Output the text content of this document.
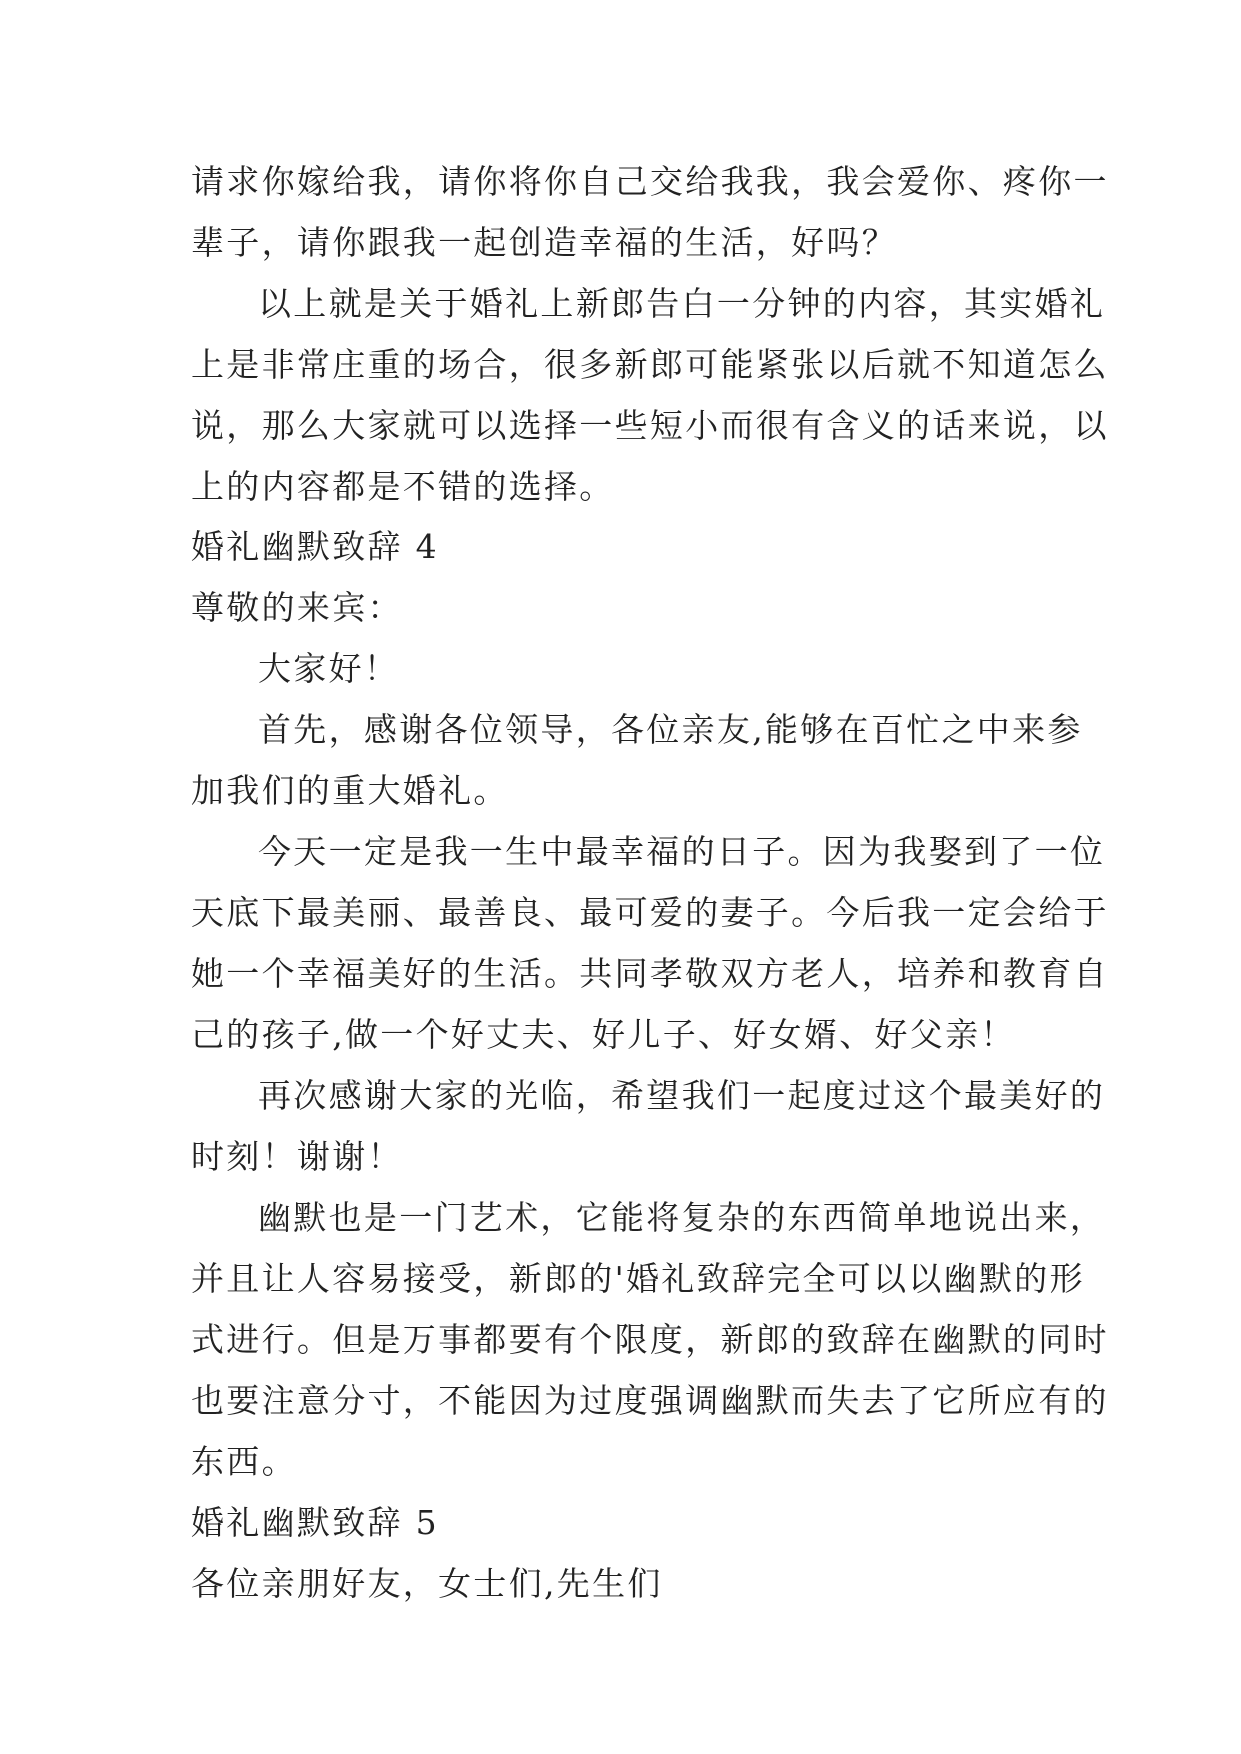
请求你嫁给我，请你将你自己交给我我，我会爱你、疼你一
辈子，请你跟我一起创造幸福的生活，好吗？
以上就是关于婚礼上新郎告白一分钟的内容，其实婚礼
上是非常庄重的场合，很多新郎可能紧张以后就不知道怎么
说，那么大家就可以选择一些短小而很有含义的话来说，以
上的内容都是不错的选择。
婚礼幽默致辞 4
尊敬的来宾：
大家好！
首先，感谢各位领导，各位亲友,能够在百忙之中来参
加我们的重大婚礼。
今天一定是我一生中最幸福的日子。因为我娶到了一位
天底下最美丽、最善良、最可爱的妻子。今后我一定会给于
她一个幸福美好的生活。共同孝敬双方老人，培养和教育自
己的孩子,做一个好丈夫、好儿子、好女婿、好父亲！
再次感谢大家的光临，希望我们一起度过这个最美好的
时刻！谢谢！
幽默也是一门艺术，它能将复杂的东西简单地说出来，
并且让人容易接受，新郎的'婚礼致辞完全可以以幽默的形
式进行。但是万事都要有个限度，新郎的致辞在幽默的同时
也要注意分寸，不能因为过度强调幽默而失去了它所应有的
东西。
婚礼幽默致辞 5
各位亲朋好友，女士们,先生们
